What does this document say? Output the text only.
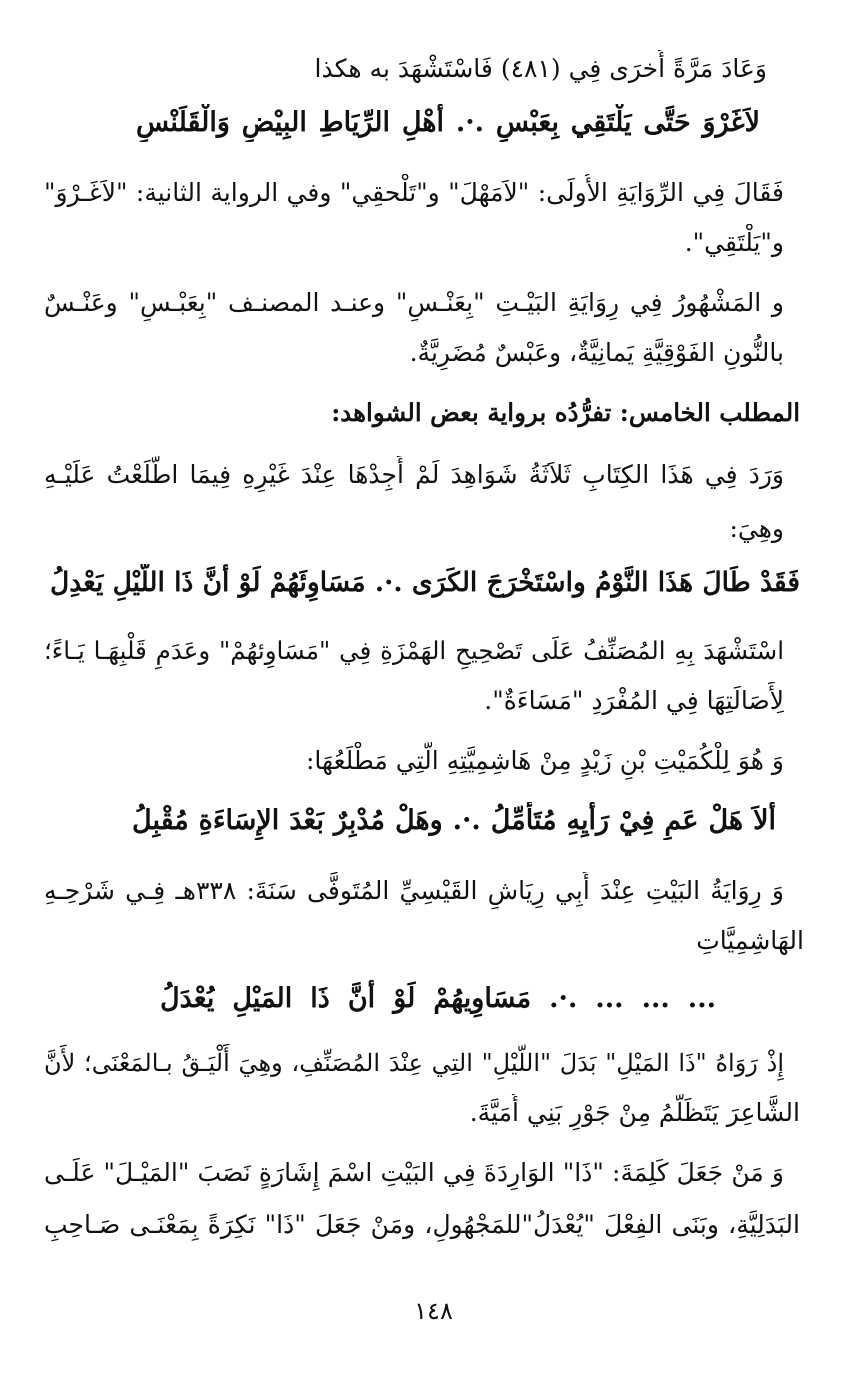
وَعَادَ مَرَّةً أُخرَى فِي (٤٨١) فَاسْتَشْهَدَ به هكذا
لاَغَرْوَ حَتَّى يَلْتَقِي بِعَبْسٍ .·. أَهْلِ الرِّيَاطِ البِيْضِ وَالْقَلَنْسِ
فَقَالَ فِي الرِّوَايَةِ الأُولَى: "لاَمَهْلَ" و"تَلْحقِي" وفي الرواية الثانية: "لاَغَـرْوَ"
و"يَلْتَقِي".
و المَشْهُورُ فِي رِوَايَةِ البَيْـتِ "بِعَنْـسٍ" وعنـد المصنـف "بِعَبْـسٍ" وعَنْـسٌ
بالنُّونِ الفَوْقِيَّةِ يَمانِيَّةٌ، وعَبْسٌ مُضَرِيَّةٌ.
المطلب الخامس: تفرُّدُه برواية بعض الشواهد:
وَرَدَ فِي هَذَا الكِتَابِ ثَلاَثَةُ شَوَاهِدَ لَمْ أَجِدْهَا عِنْدَ غَيْرِهِ فِيمَا اطَّلَعْتُ عَلَيْـهِ
وهِيَ:
فَقَدْ طَالَ هَذَا النَّوْمُ واسْتَخْرَجَ الكَرَى .·. مَسَاوِئَهُمْ لَوْ أَنَّ ذَا اللَّيْلِ يَعْدِلُ
اسْتَشْهَدَ بِهِ المُصَنِّفُ عَلَى تَصْحِيحِ الهَمْزَةِ فِي "مَسَاوِئهُمْ" وعَدَمِ قَلْبِهَـا يَـاءً؛
لِأَصَالَتِهَا فِي المُفْرَدِ "مَسَاءَةٌ".
وَ هُوَ لِلْكُمَيْتِ بْنِ زَيْدٍ مِنْ هَاشِمِيَّتِهِ الَّتِي مَطْلَعُهَا:
أَلاَ هَلْ عَمٍ فِيْ رَأْيِهِ مُتَأَمِّلُ .·. وهَلْ مُدْبِرٌ بَعْدَ الإِسَاءَةِ مُقْبِلُ
وَ رِوَايَةُ البَيْتِ عِنْدَ أَبِي رِيَاشٍ القَيْسِيِّ المُتَوفَّى سَنَةَ: ٣٣٨هـ فِـي شَرْحِـهِ
الهَاشِمِيَّاتِ
... ... ... .·. مَسَاوِيهُمْ لَوْ أَنَّ ذَا المَيْلِ يُعْدَلُ
إِذْ رَوَاهُ "ذَا المَيْلِ" بَدَلَ "اللَّيْلِ" التِي عِنْدَ المُصَنِّفِ، وهِيَ أَلْيَـقُ بـالمَعْنَى؛ لأَنَّ
الشَّاعِرَ يَتَظَلَّمُ مِنْ جَوْرِ بَنِي أُمَيَّةَ.
وَ مَنْ جَعَلَ كَلِمَةَ: "ذَا" الوَارِدَةَ فِي البَيْتِ اسْمَ إِشَارَةٍ نَصَبَ "المَيْـلَ" عَلَـى
البَدَلِيَّةِ، وبَنَى الفِعْلَ "يُعْدَلُ"للمَجْهُولِ، ومَنْ جَعَلَ "ذَا" نَكِرَةً بِمَعْنَـى صَـاحِبِ
١٤٨
